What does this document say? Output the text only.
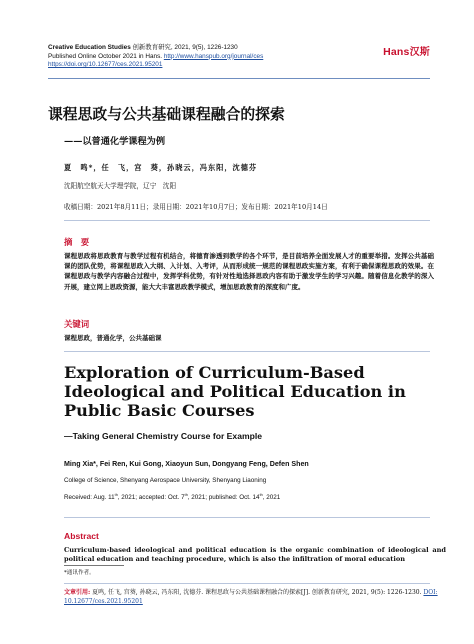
Creative Education Studies 创新教育研究, 2021, 9(5), 1226-1230
Published Online October 2021 in Hans. http://www.hanspub.org/journal/ces
https://doi.org/10.12677/ces.2021.95201
Hans汉斯
课程思政与公共基础课程融合的探索
——以普通化学课程为例
夏　鸣*，任　飞，宫　葵，孙晓云，冯东阳，沈德芬
沈阳航空航天大学理学院，辽宁　沈阳
收稿日期：2021年8月11日；录用日期：2021年10月7日；发布日期：2021年10月14日
摘　要
课程思政将思政教育与教学过程有机结合，将德育渗透到教学的各个环节，是目前培养全面发展人才的重要举措。发挥公共基础课的团队优势，将课程思政入大纲、入计划、入考评，从而形成统一规范的课程思政实施方案，有利于确保课程思政的效果。在课程思政与教学内容融合过程中，发挥学科优势，有针对性地选择思政内容有助于激发学生的学习兴趣。随着信息化教学的深入开展，建立网上思政资源，能大大丰富思政教学模式，增加思政教育的深度和广度。
关键词
课程思政，普通化学，公共基础课
Exploration of Curriculum-Based Ideological and Political Education in Public Basic Courses
—Taking General Chemistry Course for Example
Ming Xia*, Fei Ren, Kui Gong, Xiaoyun Sun, Dongyang Feng, Defen Shen
College of Science, Shenyang Aerospace University, Shenyang Liaoning
Received: Aug. 11th, 2021; accepted: Oct. 7th, 2021; published: Oct. 14th, 2021
Abstract
Curriculum-based ideological and political education is the organic combination of ideological and political education and teaching procedure, which is also the infiltration of moral education
*通讯作者。
文章引用: 夏鸣, 任飞, 宫葵, 孙晓云, 冯东阳, 沈德芬. 课程思政与公共基础课程融合的探索[J]. 创新教育研究, 2021, 9(5): 1226-1230. DOI: 10.12677/ces.2021.95201
